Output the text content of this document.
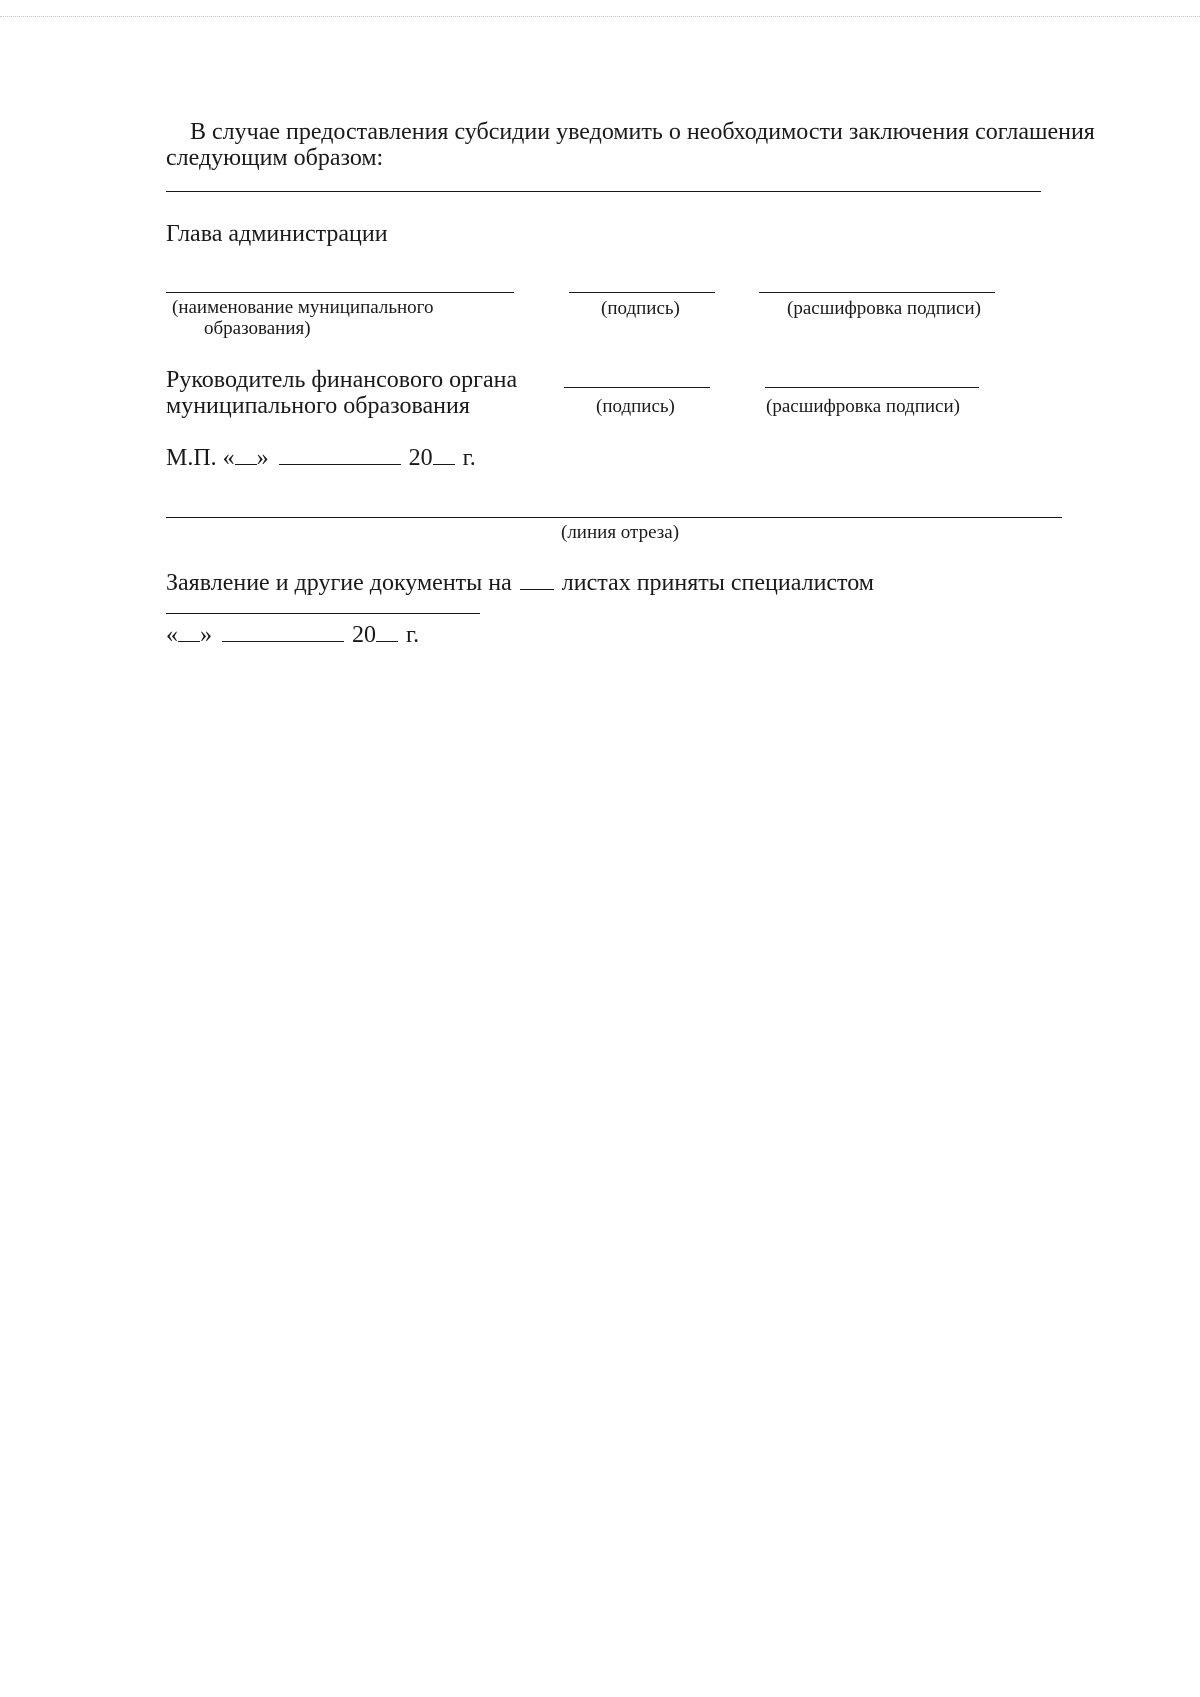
В случае предоставления субсидии уведомить о необходимости заключения соглашения
следующим образом:
Глава администрации
(наименование муниципального
образования)
(подпись)	(расшифровка подписи)
Руководитель финансового органа
муниципального образования	(подпись)	(расшифровка подписи)
М.П. « »	20 г.
(линия отреза)
Заявление и другие документы на листах приняты специалистом
« »	20 г.
